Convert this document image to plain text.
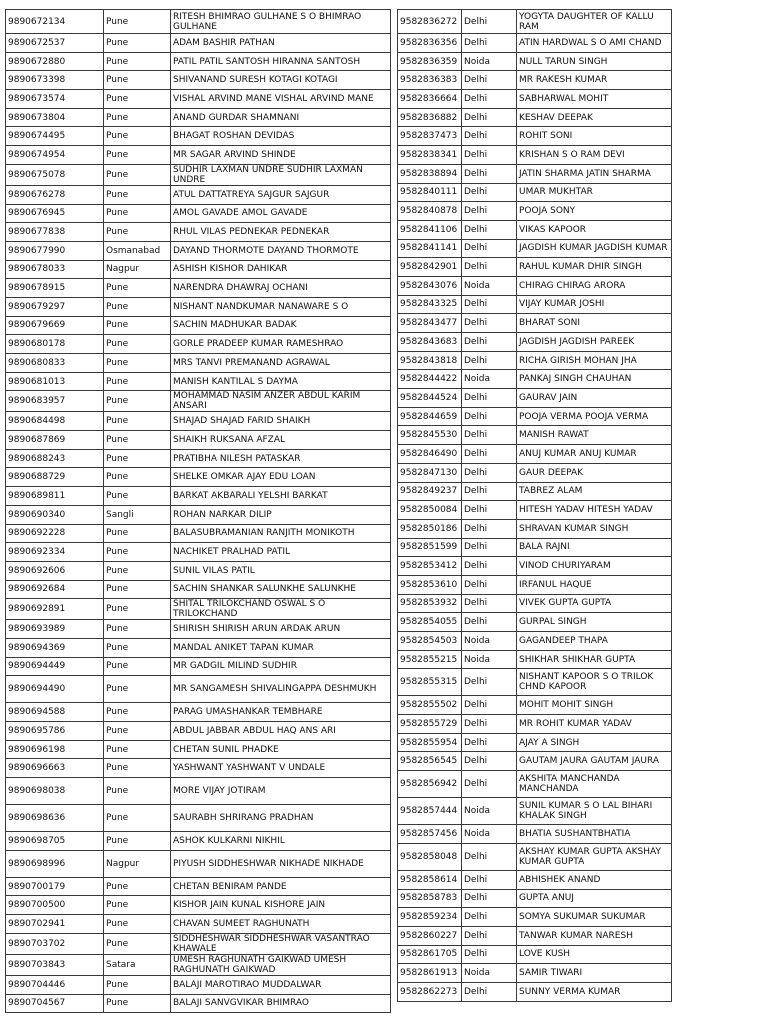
9890672134	Pune	RITESH BHIMRAO GULHANE S O BHIMRAO GULHANE
9890672537	Pune	ADAM BASHIR PATHAN
9890672880	Pune	PATIL PATIL SANTOSH HIRANNA SANTOSH
9890673398	Pune	SHIVANAND SURESH KOTAGI KOTAGI
9890673574	Pune	VISHAL ARVIND MANE VISHAL ARVIND MANE
9890673804	Pune	ANAND GURDAR SHAMNANI
9890674495	Pune	BHAGAT ROSHAN DEVIDAS
9890674954	Pune	MR SAGAR ARVIND SHINDE
9890675078	Pune	SUDHIR LAXMAN UNDRE SUDHIR LAXMAN UNDRE
9890676278	Pune	ATUL DATTATREYA SAJGUR SAJGUR
9890676945	Pune	AMOL GAVADE AMOL GAVADE
9890677838	Pune	RHUL VILAS PEDNEKAR PEDNEKAR
9890677990	Osmanabad	DAYAND THORMOTE DAYAND THORMOTE
9890678033	Nagpur	ASHISH KISHOR DAHIKAR
9890678915	Pune	NARENDRA DHAWRAJ OCHANI
9890679297	Pune	NISHANT NANDKUMAR NANAWARE S O
9890679669	Pune	SACHIN MADHUKAR BADAK
9890680178	Pune	GORLE PRADEEP KUMAR RAMESHRAO
9890680833	Pune	MRS TANVI PREMANAND AGRAWAL
9890681013	Pune	MANISH KANTILAL S DAYMA
9890683957	Pune	MOHAMMAD NASIM ANZER ABDUL KARIM ANSARI
9890684498	Pune	SHAJAD SHAJAD FARID SHAIKH
9890687869	Pune	SHAIKH RUKSANA AFZAL
9890688243	Pune	PRATIBHA NILESH PATASKAR
9890688729	Pune	SHELKE OMKAR AJAY EDU LOAN
9890689811	Pune	BARKAT AKBARALI YELSHI BARKAT
9890690340	Sangli	ROHAN NARKAR DILIP
9890692228	Pune	BALASUBRAMANIAN RANJITH MONIKOTH
9890692334	Pune	NACHIKET PRALHAD PATIL
9890692606	Pune	SUNIL VILAS PATIL
9890692684	Pune	SACHIN SHANKAR SALUNKHE SALUNKHE
9890692891	Pune	SHITAL TRILOKCHAND OSWAL S O TRILOKCHAND
9890693989	Pune	SHIRISH SHIRISH ARUN ARDAK ARUN
9890694369	Pune	MANDAL ANIKET TAPAN KUMAR
9890694449	Pune	MR GADGIL MILIND SUDHIR
9890694490	Pune	MR SANGAMESH SHIVALINGAPPA DESHMUKH
9890694588	Pune	PARAG UMASHANKAR TEMBHARE
9890695786	Pune	ABDUL JABBAR ABDUL HAQ ANS ARI
9890696198	Pune	CHETAN SUNIL PHADKE
9890696663	Pune	YASHWANT YASHWANT V UNDALE
9890698038	Pune	MORE VIJAY JOTIRAM
9890698636	Pune	SAURABH SHRIRANG PRADHAN
9890698705	Pune	ASHOK KULKARNI NIKHIL
9890698996	Nagpur	PIYUSH SIDDHESHWAR NIKHADE NIKHADE
9890700179	Pune	CHETAN BENIRAM PANDE
9890700500	Pune	KISHOR JAIN KUNAL KISHORE JAIN
9890702941	Pune	CHAVAN SUMEET RAGHUNATH
9890703702	Pune	SIDDHESHWAR SIDDHESHWAR VASANTRAO KHAWALE
9890703843	Satara	UMESH RAGHUNATH GAIKWAD UMESH RAGHUNATH GAIKWAD
9890704446	Pune	BALAJI MAROTIRAO MUDDALWAR
9890704567	Pune	BALAJI SANVGVIKAR BHIMRAO
9582836272	Delhi	YOGYTA DAUGHTER OF KALLU RAM
9582836356	Delhi	ATIN HARDWAL S O AMI CHAND
9582836359	Noida	NULL TARUN SINGH
9582836383	Delhi	MR RAKESH KUMAR
9582836664	Delhi	SABHARWAL MOHIT
9582836882	Delhi	KESHAV DEEPAK
9582837473	Delhi	ROHIT SONI
9582838341	Delhi	KRISHAN S O RAM DEVI
9582838894	Delhi	JATIN SHARMA JATIN SHARMA
9582840111	Delhi	UMAR MUKHTAR
9582840878	Delhi	POOJA SONY
9582841106	Delhi	VIKAS KAPOOR
9582841141	Delhi	JAGDISH KUMAR JAGDISH KUMAR
9582842901	Delhi	RAHUL KUMAR DHIR SINGH
9582843076	Noida	CHIRAG CHIRAG ARORA
9582843325	Delhi	VIJAY KUMAR JOSHI
9582843477	Delhi	BHARAT SONI
9582843683	Delhi	JAGDISH JAGDISH PAREEK
9582843818	Delhi	RICHA GIRISH MOHAN JHA
9582844422	Noida	PANKAJ SINGH CHAUHAN
9582844524	Delhi	GAURAV JAIN
9582844659	Delhi	POOJA VERMA POOJA VERMA
9582845530	Delhi	MANISH RAWAT
9582846490	Delhi	ANUJ KUMAR ANUJ KUMAR
9582847130	Delhi	GAUR DEEPAK
9582849237	Delhi	TABREZ ALAM
9582850084	Delhi	HITESH YADAV HITESH YADAV
9582850186	Delhi	SHRAVAN KUMAR SINGH
9582851599	Delhi	BALA RAJNI
9582853412	Delhi	VINOD CHURIYARAM
9582853610	Delhi	IRFANUL HAQUE
9582853932	Delhi	VIVEK GUPTA GUPTA
9582854055	Delhi	GURPAL SINGH
9582854503	Noida	GAGANDEEP THAPA
9582855215	Noida	SHIKHAR SHIKHAR GUPTA
9582855315	Delhi	NISHANT KAPOOR S O TRILOK CHND KAPOOR
9582855502	Delhi	MOHIT MOHIT SINGH
9582855729	Delhi	MR ROHIT KUMAR YADAV
9582855954	Delhi	AJAY A SINGH
9582856545	Delhi	GAUTAM JAURA GAUTAM JAURA
9582856942	Delhi	AKSHITA MANCHANDA MANCHANDA
9582857444	Noida	SUNIL KUMAR S O LAL BIHARI KHALAK SINGH
9582857456	Noida	BHATIA SUSHANTBHATIA
9582858048	Delhi	AKSHAY KUMAR GUPTA AKSHAY KUMAR GUPTA
9582858614	Delhi	ABHISHEK ANAND
9582858783	Delhi	GUPTA ANUJ
9582859234	Delhi	SOMYA SUKUMAR SUKUMAR
9582860227	Delhi	TANWAR KUMAR NARESH
9582861705	Delhi	LOVE KUSH
9582861913	Noida	SAMIR TIWARI
9582862273	Delhi	SUNNY VERMA KUMAR
